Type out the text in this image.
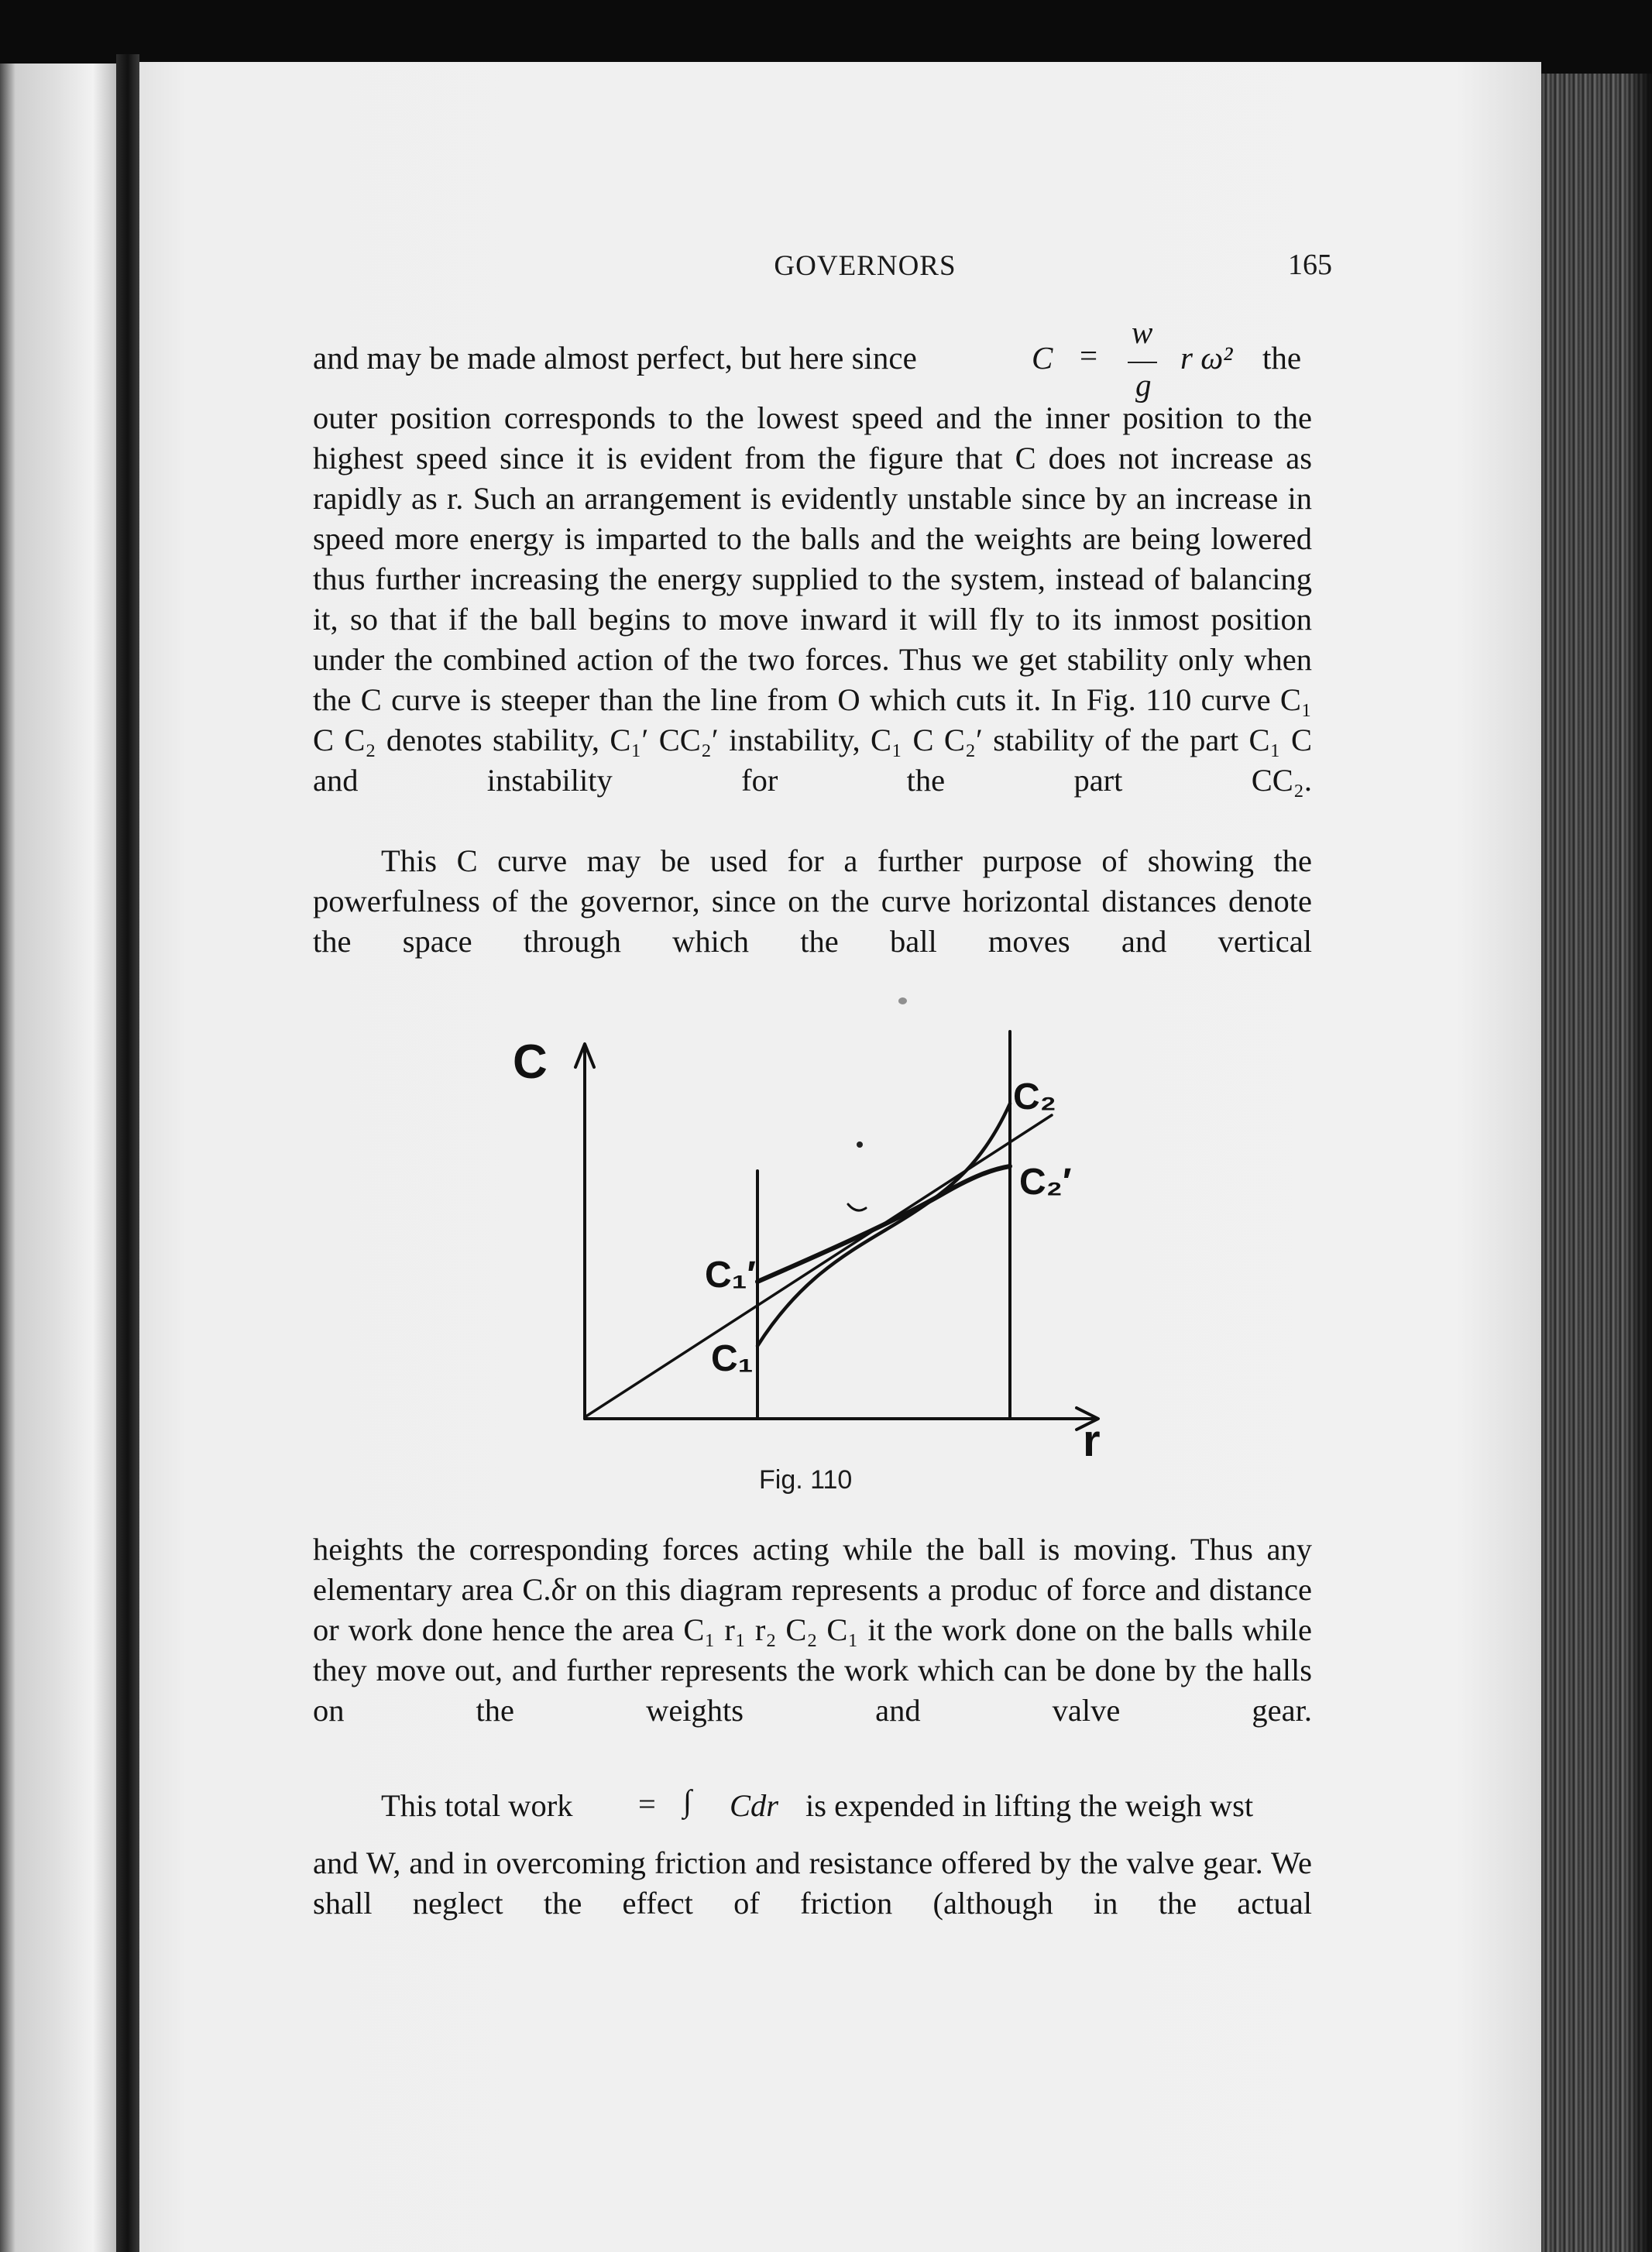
GOVERNORS	165
and may be made almost perfect, but here since	C =
w
g
r ω² the

outer position corresponds to the lowest speed and the inner position to the highest speed since it is evident from the figure that C does not increase as rapidly as r. Such an arrangement is evidently unstable since by an increase in speed more energy is imparted to the balls and the weights are being lowered thus further increasing the energy supplied to the system, instead of balancing it, so that if the ball begins to move inward it will fly to its inmost position under the combined action of the two forces. Thus we get stability only when the C curve is steeper than the line from O which cuts it. In Fig. 110 curve C₁ C C₂ denotes stability, C₁′ CC₂′ instability, C₁ C C₂′ stability of the part C₁ C and instability for the part CC₂.

This C curve may be used for a further purpose of showing the powerfulness of the governor, since on the curve horizontal distances denote the space through which the ball moves and vertical

C
r
C₁′
C₁
C₂
C₂′
Fig. 110

heights the corresponding forces acting while the ball is moving. Thus any elementary area C.δr on this diagram represents a produc of force and distance or work done hence the area C₁ r₁ r₂ C₂ C₁ it the work done on the balls while they move out, and further represents the work which can be done by the halls on the weights and valve gear.

This total work = ∫ Cdr is expended in lifting the weigh wst

and W, and in overcoming friction and resistance offered by the valve gear. We shall neglect the effect of friction (although in the actual
